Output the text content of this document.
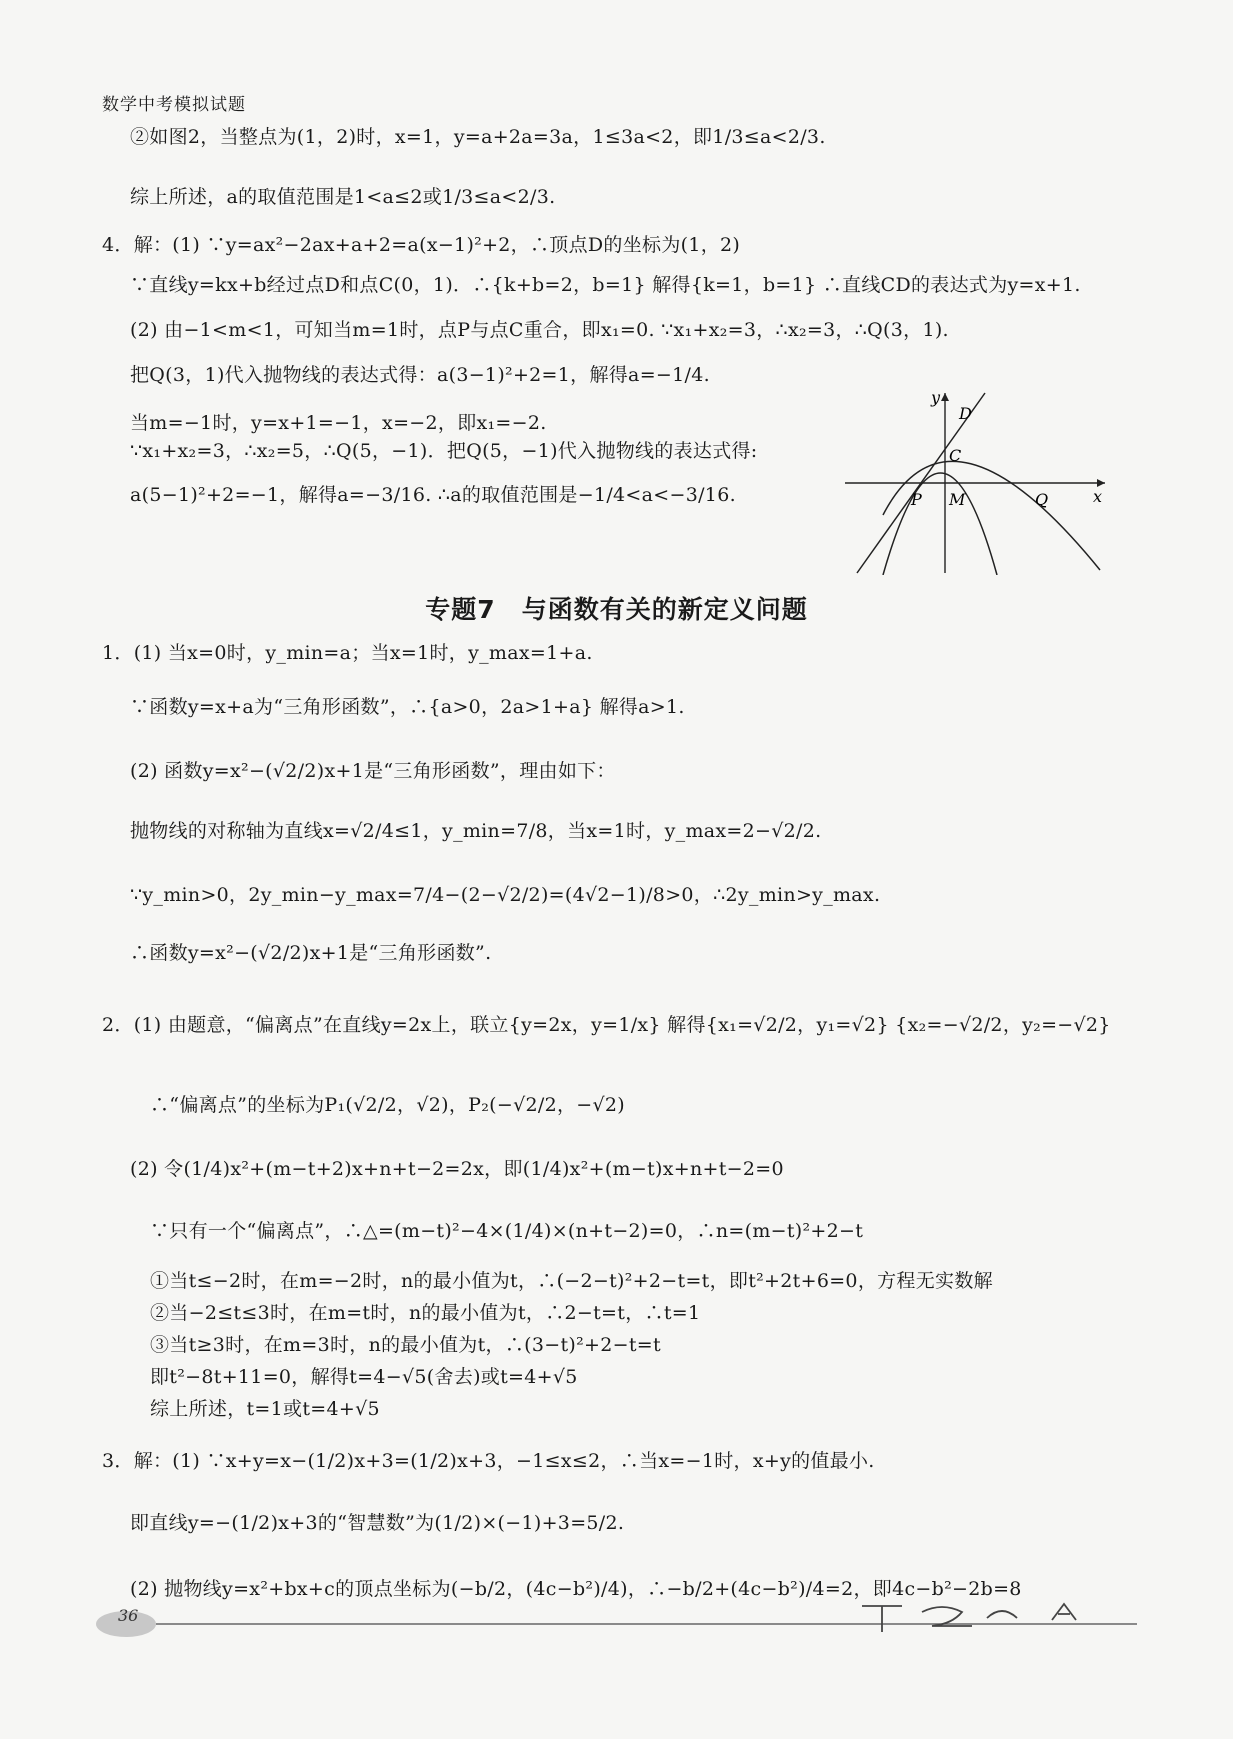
数学中考模拟试题
②如图2，当整点为(1，2)时，x=1，y=a+2a=3a，1≤3a<2，即1/3≤a<2/3.
综上所述，a的取值范围是1<a≤2或1/3≤a<2/3.
4．解：(1) ∵y=ax²−2ax+a+2=a(x−1)²+2，∴顶点D的坐标为(1，2)
∵直线y=kx+b经过点D和点C(0，1)．∴{k+b=2，b=1} 解得{k=1，b=1} ∴直线CD的表达式为y=x+1.
(2) 由−1<m<1，可知当m=1时，点P与点C重合，即x₁=0. ∵x₁+x₂=3，∴x₂=3，∴Q(3，1).
把Q(3，1)代入抛物线的表达式得：a(3−1)²+2=1，解得a=−1/4.
当m=−1时，y=x+1=−1，x=−2，即x₁=−2.
∵x₁+x₂=3，∴x₂=5，∴Q(5，−1)．把Q(5，−1)代入抛物线的表达式得:
a(5−1)²+2=−1，解得a=−3/16. ∴a的取值范围是−1/4<a<−3/16.
专题7　与函数有关的新定义问题
1．(1) 当x=0时，y_min=a；当x=1时，y_max=1+a.
∵函数y=x+a为“三角形函数”，∴{a>0，2a>1+a} 解得a>1.
(2) 函数y=x²−(√2/2)x+1是“三角形函数”，理由如下：
抛物线的对称轴为直线x=√2/4≤1，y_min=7/8，当x=1时，y_max=2−√2/2.
∵y_min>0，2y_min−y_max=7/4−(2−√2/2)=(4√2−1)/8>0，∴2y_min>y_max.
∴函数y=x²−(√2/2)x+1是“三角形函数”.
2．(1) 由题意，“偏离点”在直线y=2x上，联立{y=2x，y=1/x} 解得{x₁=√2/2，y₁=√2} {x₂=−√2/2，y₂=−√2}
∴“偏离点”的坐标为P₁(√2/2，√2)，P₂(−√2/2，−√2)
(2) 令(1/4)x²+(m−t+2)x+n+t−2=2x，即(1/4)x²+(m−t)x+n+t−2=0
∵只有一个“偏离点”，∴△=(m−t)²−4×(1/4)×(n+t−2)=0，∴n=(m−t)²+2−t
①当t≤−2时，在m=−2时，n的最小值为t，∴(−2−t)²+2−t=t，即t²+2t+6=0，方程无实数解
②当−2≤t≤3时，在m=t时，n的最小值为t，∴2−t=t，∴t=1
③当t≥3时，在m=3时，n的最小值为t，∴(3−t)²+2−t=t
即t²−8t+11=0，解得t=4−√5(舍去)或t=4+√5
综上所述，t=1或t=4+√5
3．解：(1) ∵x+y=x−(1/2)x+3=(1/2)x+3，−1≤x≤2，∴当x=−1时，x+y的值最小.
即直线y=−(1/2)x+3的“智慧数”为(1/2)×(−1)+3=5/2.
(2) 抛物线y=x²+bx+c的顶点坐标为(−b/2，(4c−b²)/4)，∴−b/2+(4c−b²)/4=2，即4c−b²−2b=8
y
x
D
C
P M	Q
36
